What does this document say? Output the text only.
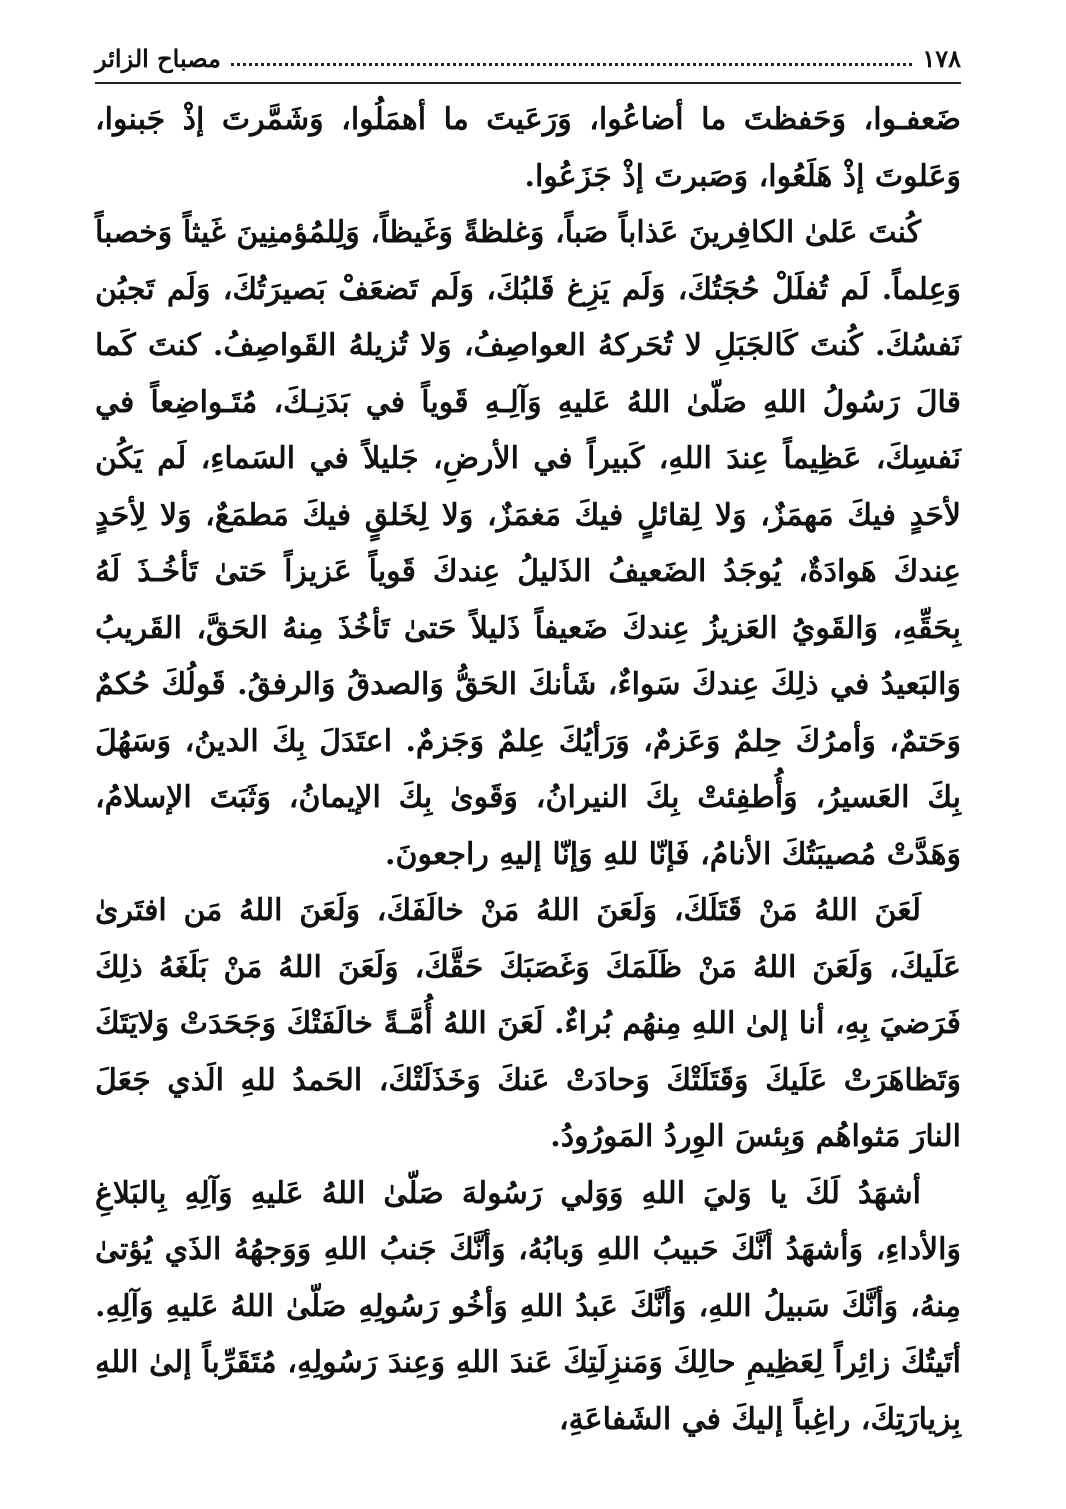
١٧٨
مصباح الزائر

ضَعفـوا، وَحَفظتَ ما أضاعُوا، وَرَعَيتَ ما أهمَلُوا، وَشَمَّرتَ إذْ جَبنوا، وَعَلوتَ إذْ هَلَعُوا، وَصَبرتَ إذْ جَزَعُوا.

كُنتَ عَلىٰ الكافِرينَ عَذاباً صَباً، وَغلظةً وَغَيظاً، وَلِلمُؤمنِينَ غَيثاً وَخصباً وَعِلماً. لَم تُفلَلْ حُجَتُكَ، وَلَم يَزِغ قَلبُكَ، وَلَم تَضعَفْ بَصيرَتُكَ، وَلَم تَجبُن نَفسُكَ. كُنتَ كَالجَبَلِ لا تُحَركهُ العواصِفُ، وَلا تُزيلهُ القَواصِفُ. كنتَ كَما قالَ رَسُولُ اللهِ صَلّىٰ اللهُ عَليهِ وَآلِـهِ قَوياً في بَدَنِـكَ، مُتَـواضِعاً في نَفسِكَ، عَظِيماً عِندَ اللهِ، كَبيراً في الأرضِ، جَليلاً في السَماءِ، لَم يَكُن لأحَدٍ فيكَ مَهمَزٌ، وَلا لِقائلٍ فيكَ مَغمَزٌ، وَلا لِخَلقٍ فيكَ مَطمَعٌ، وَلا لِأحَدٍ عِندكَ هَوادَةٌ، يُوجَدُ الضَعيفُ الذَليلُ عِندكَ قَوياً عَزيزاً حَتىٰ تَأخُـذَ لَهُ بِحَقِّهِ، وَالقَويُ العَزيزُ عِندكَ ضَعيفاً ذَليلاً حَتىٰ تَأخُذَ مِنهُ الحَقَّ، القَريبُ وَالبَعيدُ في ذلِكَ عِندكَ سَواءٌ، شَأنكَ الحَقُّ وَالصدقُ وَالرفقُ. قَولُكَ حُكمٌ وَحَتمٌ، وَأمرُكَ حِلمٌ وَعَزمٌ، وَرَأيُكَ عِلمٌ وَجَزمٌ. اعتَدَلَ بِكَ الدينُ، وَسَهُلَ بِكَ العَسيرُ، وَأُطفِئتْ بِكَ النيرانُ، وَقَوىٰ بِكَ الإيمانُ، وَثَبَتَ الإسلامُ، وَهَدَّتْ مُصيبَتُكَ الأنامُ، فَإنّا للهِ وَإنّا إليهِ راجعونَ.

لَعَنَ اللهُ مَنْ قَتَلَكَ، وَلَعَنَ اللهُ مَنْ خالَفَكَ، وَلَعَنَ اللهُ مَن افتَرىٰ عَلَيكَ، وَلَعَنَ اللهُ مَنْ ظَلَمَكَ وَغَصَبَكَ حَقَّكَ، وَلَعَنَ اللهُ مَنْ بَلَغَهُ ذلِكَ فَرَضيَ بِهِ، أنا إلىٰ اللهِ مِنهُم بُراءٌ. لَعَنَ اللهُ أُمَّـةً خالَفَتْكَ وَجَحَدَتْ وَلايَتَكَ وَتَظاهَرَتْ عَلَيكَ وَقَتَلَتْكَ وَحادَتْ عَنكَ وَخَذَلَتْكَ، الحَمدُ للهِ الَذي جَعَلَ النارَ مَثواهُم وَبِئسَ الوِردُ المَورُودُ.

أشهَدُ لَكَ يا وَليَ اللهِ وَوَلي رَسُولهَ صَلّىٰ اللهُ عَليهِ وَآلِهِ بِالبَلاغِ وَالأداءِ، وَأشهَدُ أنَّكَ حَبيبُ اللهِ وَبابُهُ، وَأنَّكَ جَنبُ اللهِ وَوَجهُهُ الذَي يُؤتىٰ مِنهُ، وَأنَّكَ سَبيلُ اللهِ، وَأنَّكَ عَبدُ اللهِ وَأخُو رَسُولِهِ صَلّىٰ اللهُ عَليهِ وَآلِهِ. أتَيتُكَ زائِراً لِعَظِيمِ حالِكَ وَمَنزِلَتِكَ عَندَ اللهِ وَعِندَ رَسُولِهِ، مُتَقَرِّباً إلىٰ اللهِ بِزيارَتِكَ، راغِباً إليكَ في الشَفاعَةِ،
